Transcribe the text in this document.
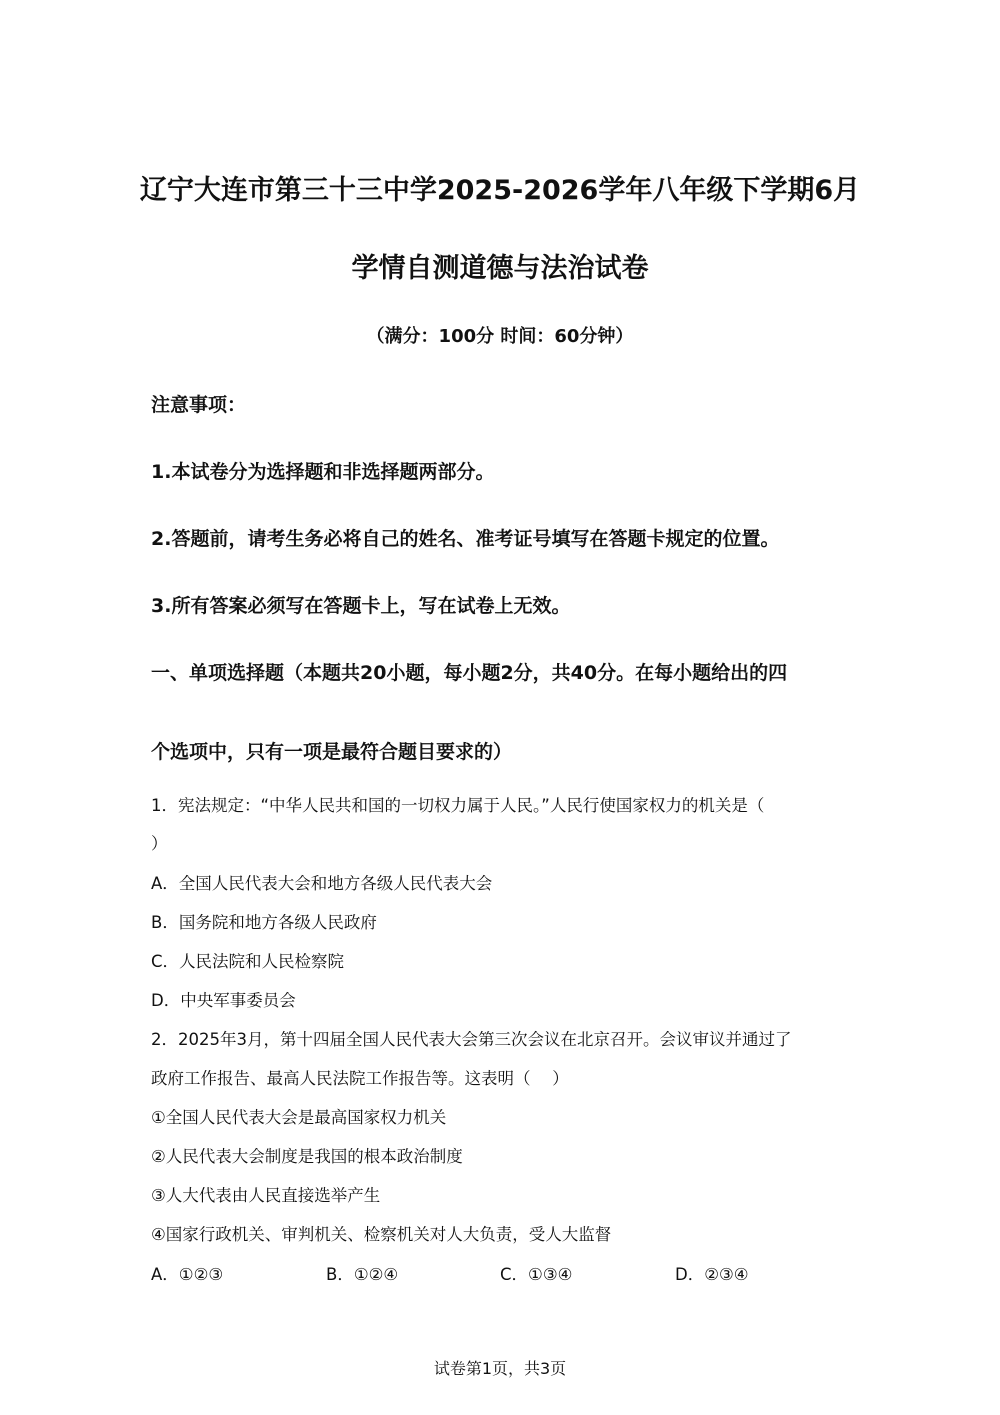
辽宁大连市第三十三中学2025-2026学年八年级下学期6月
学情自测道德与法治试卷
（满分：100分 时间：60分钟）
注意事项：
1.本试卷分为选择题和非选择题两部分。
2.答题前，请考生务必将自己的姓名、准考证号填写在答题卡规定的位置。
3.所有答案必须写在答题卡上，写在试卷上无效。
一、单项选择题（本题共20小题，每小题2分，共40分。在每小题给出的四
个选项中，只有一项是最符合题目要求的）
1．宪法规定：“中华人民共和国的一切权力属于人民。”人民行使国家权力的机关是（
）
A．全国人民代表大会和地方各级人民代表大会
B．国务院和地方各级人民政府
C．人民法院和人民检察院
D．中央军事委员会
2．2025年3月，第十四届全国人民代表大会第三次会议在北京召开。会议审议并通过了
政府工作报告、最高人民法院工作报告等。这表明（　 ）
①全国人民代表大会是最高国家权力机关
②人民代表大会制度是我国的根本政治制度
③人大代表由人民直接选举产生
④国家行政机关、审判机关、检察机关对人大负责，受人大监督
A．①②③	B．①②④	C．①③④	D．②③④
试卷第1页，共3页
